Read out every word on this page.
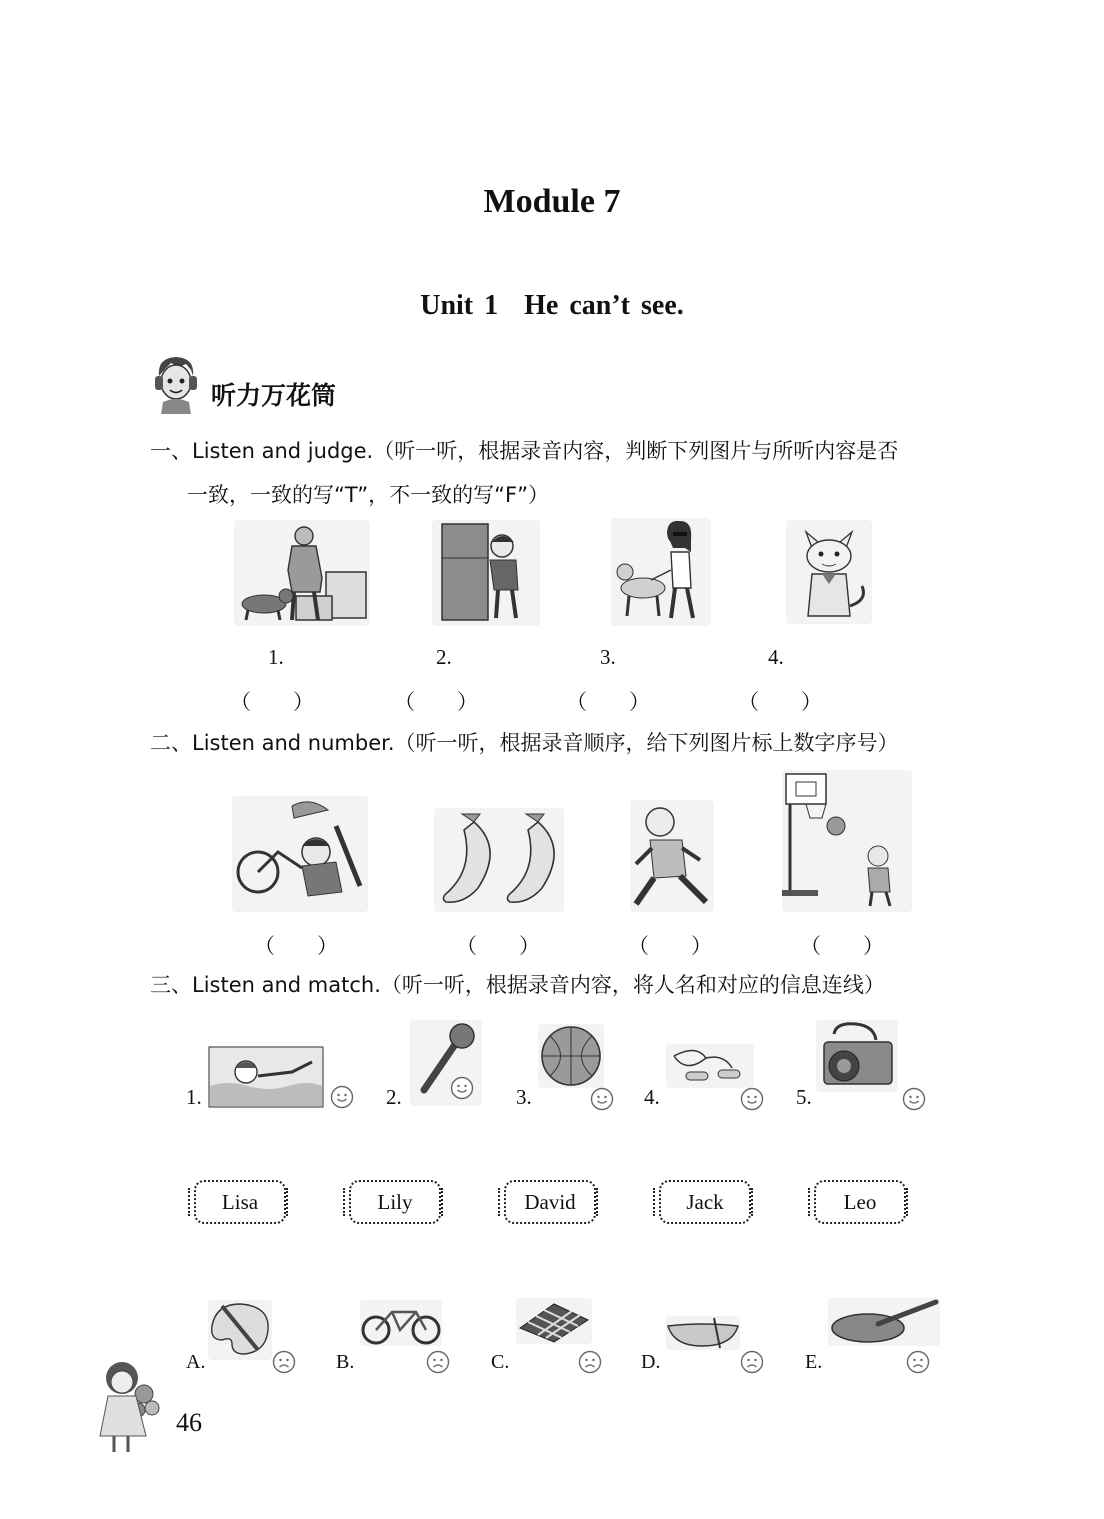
Module 7
Unit 1 He can’t see.
听力万花筒
一、Listen and judge.（听一听，根据录音内容，判断下列图片与所听内容是否
一致，一致的写“T”，不一致的写“F”）
1.	2.	3.	4.
（　　）	（　　）	（　　）	（　　）
二、Listen and number.（听一听，根据录音顺序，给下列图片标上数字序号）
（　　）	（　　）	（　　）	（　　）
三、Listen and match.（听一听，根据录音内容，将人名和对应的信息连线）
1.	2.	3.	4.	5.
Lisa	Lily	David	Jack	Leo
A.	B.	C.	D.	E.
46
